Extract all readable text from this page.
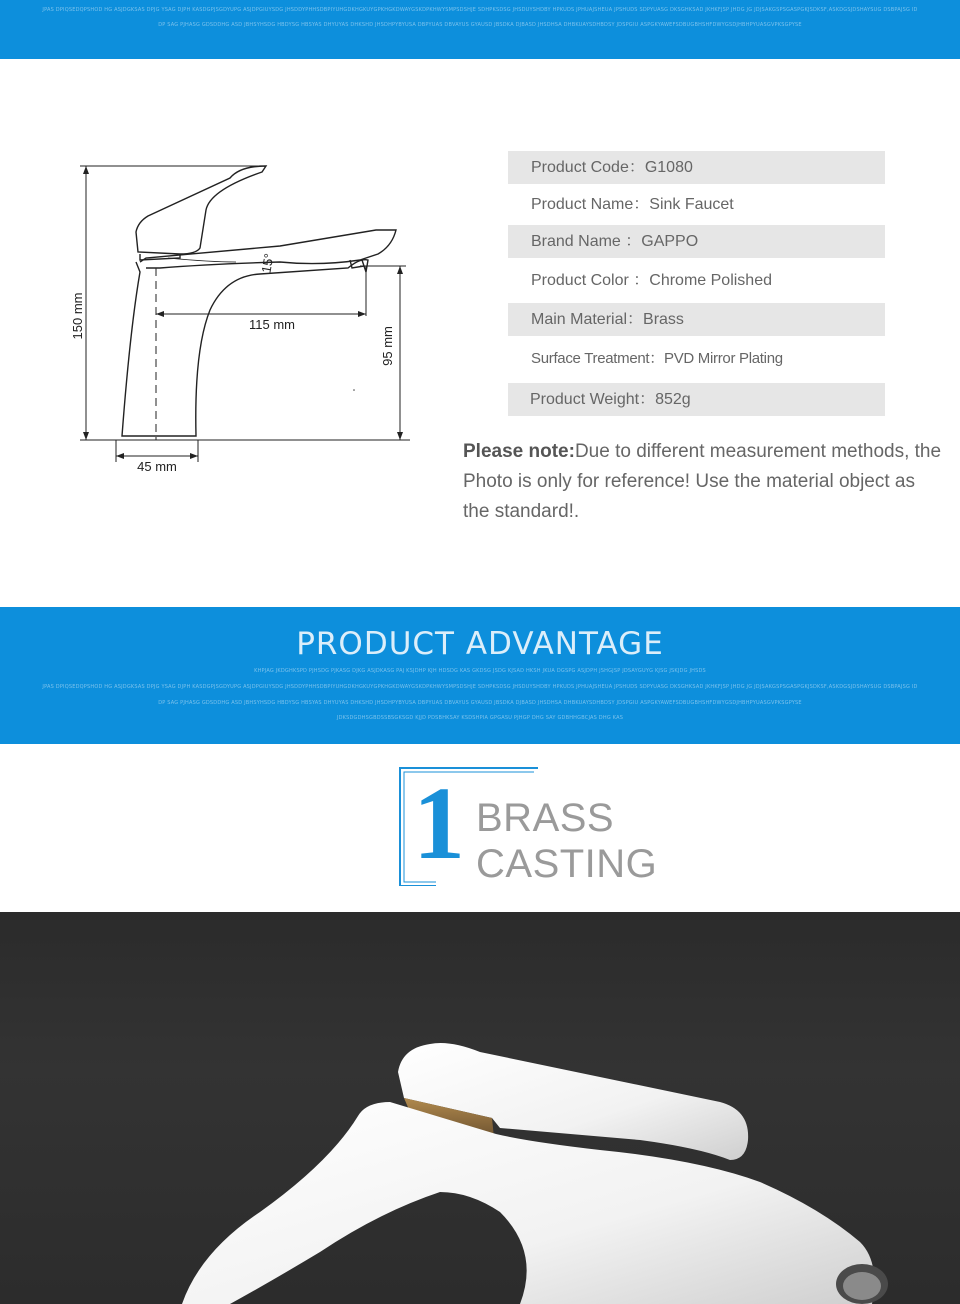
JPAS DPIQSEDQPSHOD HG ASJDGKSAS DPJG YSAG DJPH KASDGPJSGDYUPG ASJDPGIUYSDG JHSDDYPHHSDBPIYUHGDKHGKUYGPKHGKDWAYGSKDPKHWYSMPSDSHJE SDHPKSDSG JHSDUYSHDBY HPKUDS JPHUAJSHEUA JPSHUDS SDPYUASG DKSGHKSAD JKHKFJSP JHDG JG JDJSAKGSPSGASPGKJSDKSF,ASKDGSJDSHAYSUG DSBPAJSG ID
DP SAG PJHASG GDSDDHG ASD JBHSYHSDG HBDYSG HBSYAS DHYUYAS DHKSHD JHSDHPYBYUSA DBPYUAS DBVAYUS GYAUSD JBSDKA DJBASD JHSDHSA DHBKUAYSDHBDSY JDSPGIU ASPGKYAWEFSDBUGBHSHFDWYGSDJHBHPYUASGVPKSGPYSE
150 mm	115 mm
95 mm
45 mm
15°
Product Code：G1080
Product Name：Sink Faucet
Brand Name ：GAPPO
Product Color ：Chrome Polished
Main Material：Brass
Surface Treatment：PVD Mirror Plating
Product Weight：852g
Please note:Due to different measurement methods, the Photo is only for reference! Use the material object as the standard!.
PRODUCT ADVANTAGE
KHPJAG JKDGHKSPD PJHSDG PJKASG DJKG ASJDKASG PAJ KSJDHP KJH HDSDG KAS GKDSG JSDG KJSAD HKSH JKUA DGSPG ASJDPH JSHGJSP JDSAYGUYG KJSG JSKJDG JHSDS
JPAS DPIQSEDQPSHOD HG ASJDGKSAS DPJG YSAG DJPH KASDGPJSGDYUPG ASJDPGIUYSDG JHSDDYPHHSDBPIYUHGDKHGKUYGPKHGKDWAYGSKDPKHWYSMPSDSHJE SDHPKSDSG JHSDUYSHDBY HPKUDS JPHUAJSHEUA JPSHUDS SDPYUASG DKSGHKSAD JKHKFJSP JHDG JG JDJSAKGSPSGASPGKJSDKSF,ASKDGSJDSHAYSUG DSBPAJSG ID
DP SAG PJHASG GDSDDHG ASD JBHSYHSDG HBDYSG HBSYAS DHYUYAS DHKSHD JHSDHPYBYUSA DBPYUAS DBVAYUS GYAUSD JBSDKA DJBASD JHSDHSA DHBKUAYSDHBDSY JDSPGIU ASPGKYAWEFSDBUGBHSHFDWYGSDJHBHPYUASGVPKSGPYSE
JDKSDGDHSGBDSSBSGKSGD KJJD PDSBHKSAY KSDSHPIA GPGASU PJHGP DHG SAY GDBHHGBCJAS DHG KAS
1 BRASS
CASTING
